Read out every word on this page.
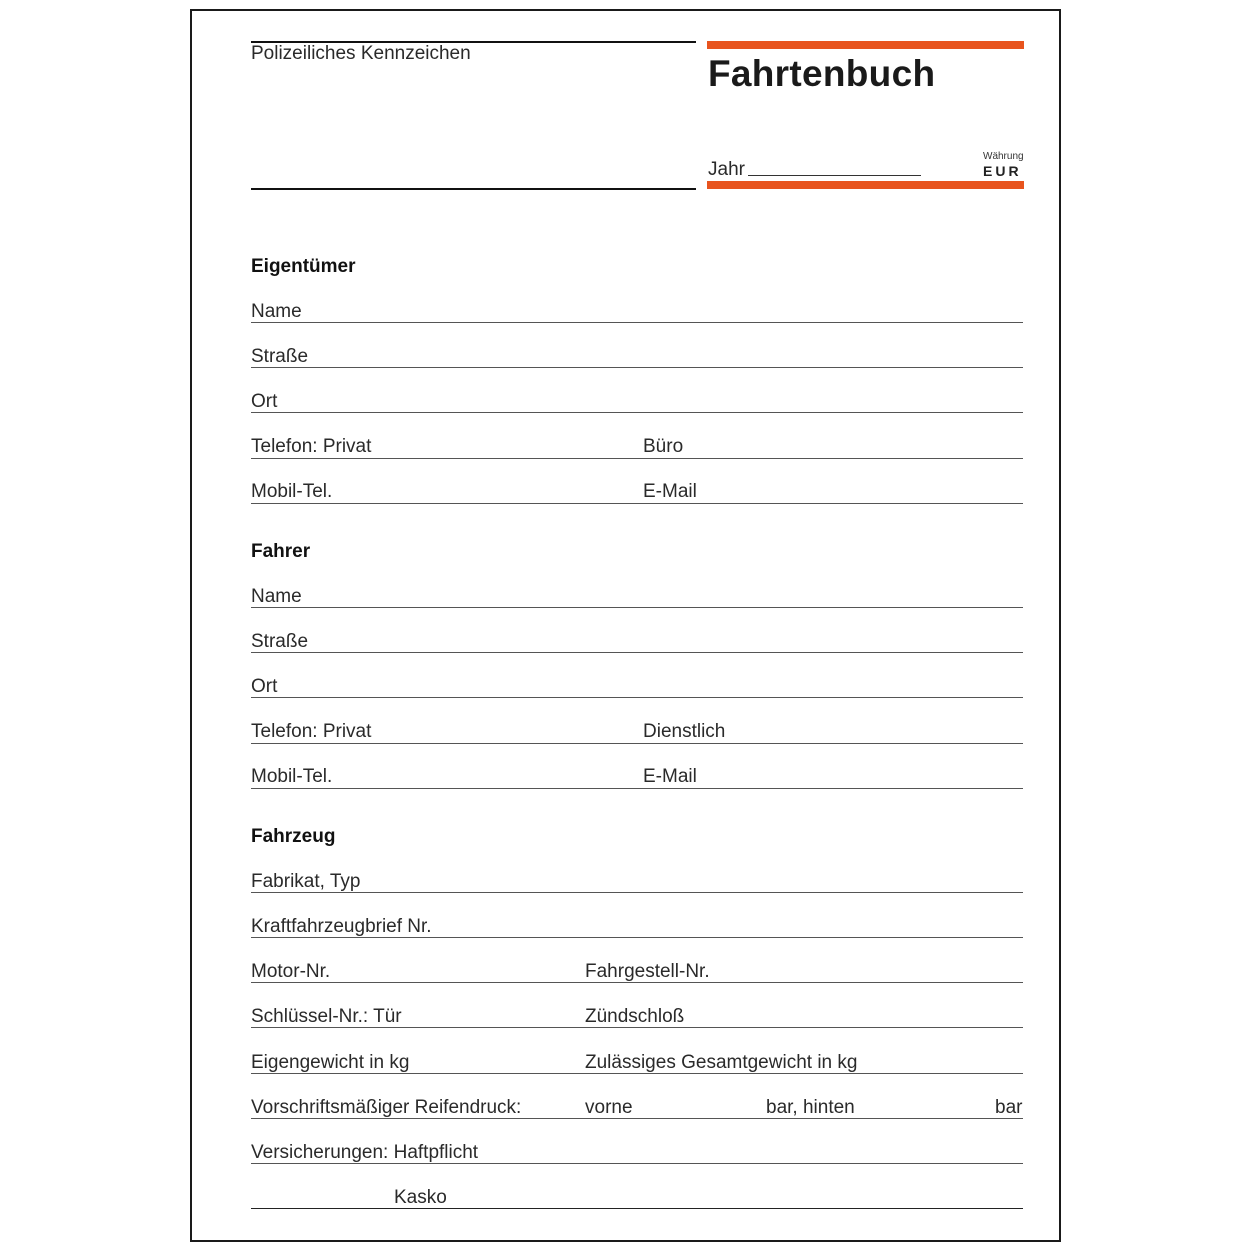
Polizeiliches Kennzeichen	Fahrtenbuch
Jahr
Währung
EUR
Eigentümer
Name
Straße
Ort
Telefon: Privat	Büro
Mobil-Tel.	E-Mail
Fahrer
Name
Straße
Ort
Telefon: Privat	Dienstlich
Mobil-Tel.	E-Mail
Fahrzeug
Fabrikat, Typ
Kraftfahrzeugbrief Nr.
Motor-Nr.	Fahrgestell-Nr.
Schlüssel-Nr.: Tür	Zündschloß
Eigengewicht in kg	Zulässiges Gesamtgewicht in kg
Vorschriftsmäßiger Reifendruck:	vorne	bar, hinten	bar
Versicherungen: Haftpflicht
Kasko
